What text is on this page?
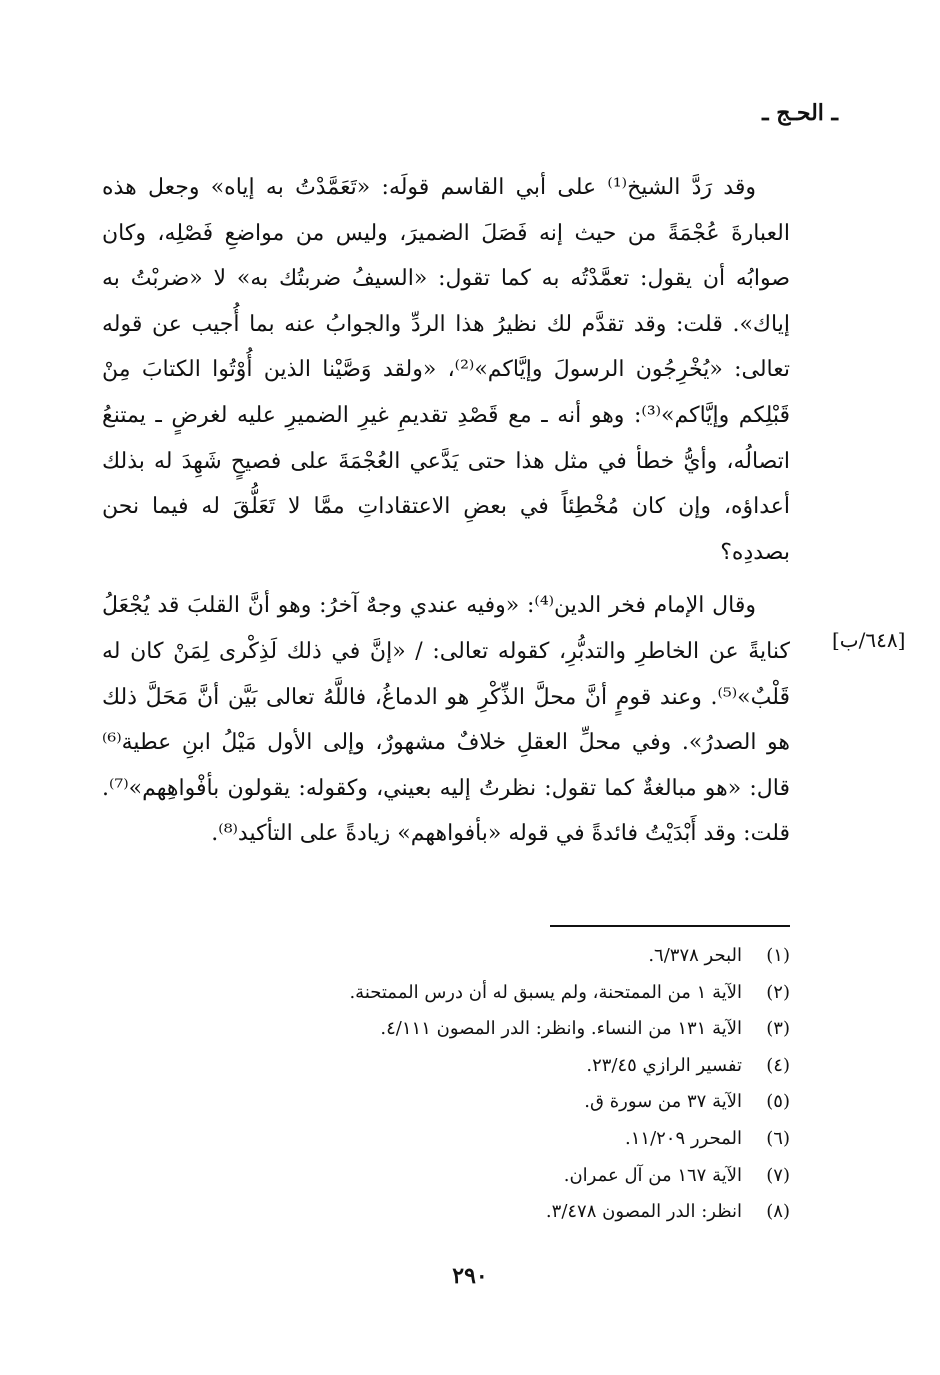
ـ الحـج ـ
[٦٤٨/ب]

وقد رَدَّ الشيخ⁽¹⁾ على أبي القاسم قولَه: «تَعَمَّدْتُ به إياه» وجعل هذه العبارةَ عُجْمَةً من حيث إنه فَصَلَ الضميرَ، وليس من مواضعِ فَصْلِه، وكان صوابُه أن يقول: تعمَّدْتُه به كما تقول: «السيفُ ضربتُك به» لا «ضربْتُ به إياك». قلت: وقد تقدَّم لك نظيرُ هذا الردِّ والجوابُ عنه بما أُجيب عن قوله تعالى: «يُخْرِجُون الرسولَ وإيَّاكم»⁽²⁾، «ولقد وَصَّيْنا الذين أُوْتُوا الكتابَ مِنْ قَبْلِكم وإيَّاكم»⁽³⁾: وهو أنه ـ مع قَصْدِ تقديمِ غيرِ الضميرِ عليه لغرضٍ ـ يمتنعُ اتصالُه، وأيُّ خطأ في مثل هذا حتى يَدَّعي العُجْمَةَ على فصيحٍ شَهِدَ له بذلك أعداؤه، وإن كان مُخْطِئاً في بعضِ الاعتقاداتِ ممَّا لا تَعَلُّقَ له فيما نحن بصددِه؟

وقال الإمام فخر الدين⁽⁴⁾: «وفيه عندي وجهٌ آخرُ: وهو أنَّ القلبَ قد يُجْعَلُ كنايةً عن الخاطرِ والتدبُّرِ، كقوله تعالى: / «إنَّ في ذلك لَذِكْرى لِمَنْ كان له قَلْبٌ»⁽⁵⁾. وعند قومٍ أنَّ محلَّ الذِّكْرِ هو الدماغُ، فاللَّهُ تعالى بَيَّن أنَّ مَحَلَّ ذلك هو الصدرُ». وفي محلِّ العقلِ خلافٌ مشهورٌ، وإلى الأول مَيْلُ ابنِ عطية⁽⁶⁾ قال: «هو مبالغةٌ كما تقول: نظرتُ إليه بعيني، وكقوله: يقولون بأفْواهِهم»⁽⁷⁾. قلت: وقد أَبْدَيْتُ فائدةً في قوله «بأفواههم» زيادةً على التأكيد⁽⁸⁾.

(١)
البحر ٦/٣٧٨.
(٢)
الآية ١ من الممتحنة، ولم يسبق له أن درس الممتحنة.
(٣)
الآية ١٣١ من النساء. وانظر: الدر المصون ٤/١١١.
(٤)
تفسير الرازي ٢٣/٤٥.
(٥)
الآية ٣٧ من سورة ق.
(٦)
المحرر ١١/٢٠٩.
(٧)
الآية ١٦٧ من آل عمران.
(٨)
انظر: الدر المصون ٣/٤٧٨.
٢٩٠
